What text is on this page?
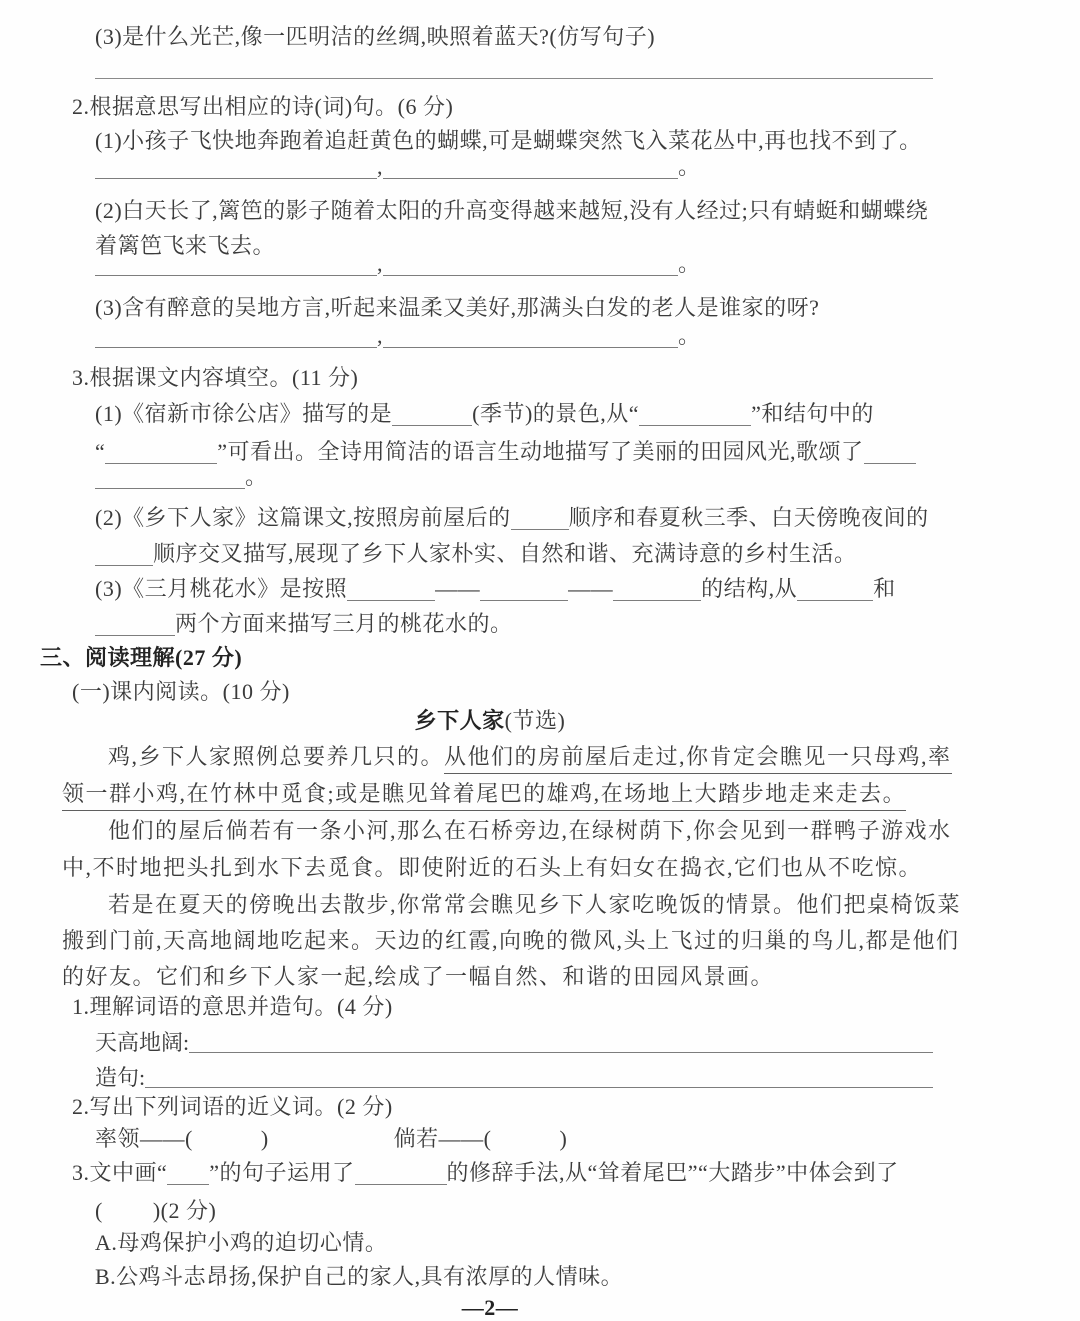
(3)是什么光芒,像一匹明洁的丝绸,映照着蓝天?(仿写句子)
2.根据意思写出相应的诗(词)句。(6 分)
(1)小孩子飞快地奔跑着追赶黄色的蝴蝶,可是蝴蝶突然飞入菜花丛中,再也找不到了。
,	。
(2)白天长了,篱笆的影子随着太阳的升高变得越来越短,没有人经过;只有蜻蜓和蝴蝶绕
着篱笆飞来飞去。
,	。
(3)含有醉意的吴地方言,听起来温柔又美好,那满头白发的老人是谁家的呀?
,	。
3.根据课文内容填空。(11 分)
(1)《宿新市徐公店》描写的是	(季节)的景色,从“	”和结句中的
“	”可看出。全诗用简洁的语言生动地描写了美丽的田园风光,歌颂了
。
(2)《乡下人家》这篇课文,按照房前屋后的	顺序和春夏秋三季、白天傍晚夜间的
顺序交叉描写,展现了乡下人家朴实、自然和谐、充满诗意的乡村生活。
(3)《三月桃花水》是按照	——	——	的结构,从	和
两个方面来描写三月的桃花水的。
三、阅读理解(27 分)
(一)课内阅读。(10 分)
乡下人家(节选)
鸡,乡下人家照例总要养几只的。从他们的房前屋后走过,你肯定会瞧见一只母鸡,率
领一群小鸡,在竹林中觅食;或是瞧见耸着尾巴的雄鸡,在场地上大踏步地走来走去。
他们的屋后倘若有一条小河,那么在石桥旁边,在绿树荫下,你会见到一群鸭子游戏水
中,不时地把头扎到水下去觅食。即使附近的石头上有妇女在捣衣,它们也从不吃惊。
若是在夏天的傍晚出去散步,你常常会瞧见乡下人家吃晚饭的情景。他们把桌椅饭菜
搬到门前,天高地阔地吃起来。天边的红霞,向晚的微风,头上飞过的归巢的鸟儿,都是他们
的好友。它们和乡下人家一起,绘成了一幅自然、和谐的田园风景画。
1.理解词语的意思并造句。(4 分)
天高地阔:
造句:
2.写出下列词语的近义词。(2 分)
率领——(	)	倘若——(	)
3.文中画“ ”的句子运用了	的修辞手法,从“耸着尾巴”“大踏步”中体会到了
( )(2 分)
A.母鸡保护小鸡的迫切心情。
B.公鸡斗志昂扬,保护自己的家人,具有浓厚的人情味。
—2—
